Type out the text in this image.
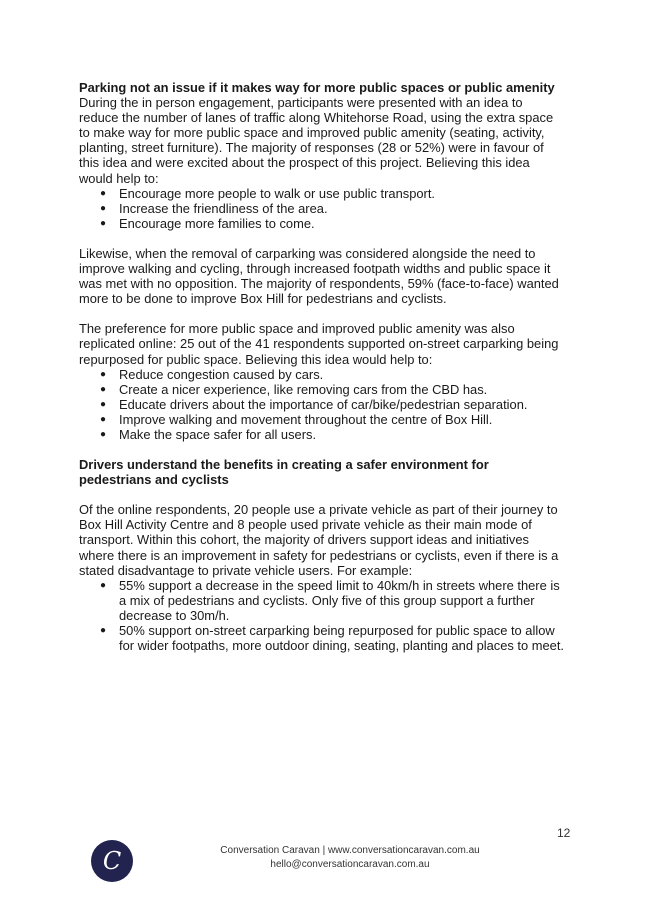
Parking not an issue if it makes way for more public spaces or public amenity

During the in person engagement, participants were presented with an idea to
reduce the number of lanes of traffic along Whitehorse Road, using the extra space
to make way for more public space and improved public amenity (seating, activity,
planting, street furniture). The majority of responses (28 or 52%) were in favour of
this idea and were excited about the prospect of this project. Believing this idea
would help to:

● Encourage more people to walk or use public transport.
● Increase the friendliness of the area.
● Encourage more families to come.

Likewise, when the removal of carparking was considered alongside the need to
improve walking and cycling, through increased footpath widths and public space it
was met with no opposition. The majority of respondents, 59% (face-to-face) wanted
more to be done to improve Box Hill for pedestrians and cyclists.

The preference for more public space and improved public amenity was also
replicated online: 25 out of the 41 respondents supported on-street carparking being
repurposed for public space. Believing this idea would help to:

● Reduce congestion caused by cars.
● Create a nicer experience, like removing cars from the CBD has.
● Educate drivers about the importance of car/bike/pedestrian separation.
● Improve walking and movement throughout the centre of Box Hill.
● Make the space safer for all users.

Drivers understand the benefits in creating a safer environment for
pedestrians and cyclists

Of the online respondents, 20 people use a private vehicle as part of their journey to
Box Hill Activity Centre and 8 people used private vehicle as their main mode of
transport. Within this cohort, the majority of drivers support ideas and initiatives
where there is an improvement in safety for pedestrians or cyclists, even if there is a
stated disadvantage to private vehicle users. For example:

● 55% support a decrease in the speed limit to 40km/h in streets where there is
a mix of pedestrians and cyclists. Only five of this group support a further
decrease to 30m/h.
● 50% support on-street carparking being repurposed for public space to allow
for wider footpaths, more outdoor dining, seating, planting and places to meet.
12
C	Conversation Caravan | www.conversationcaravan.com.au
hello@conversationcaravan.com.au
